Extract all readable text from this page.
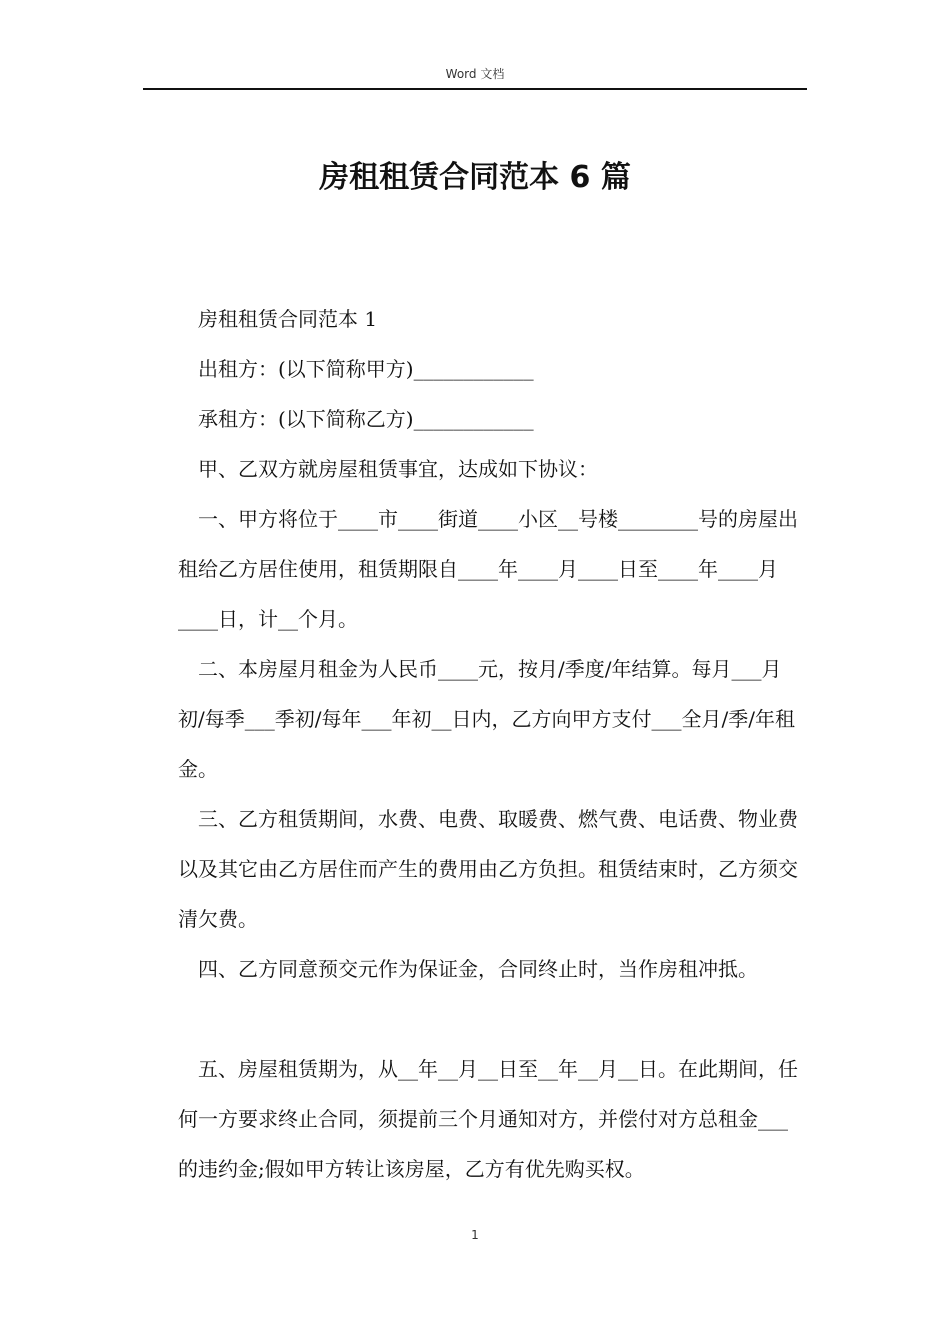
Word 文档
房租租赁合同范本 6 篇

房租租赁合同范本 1

出租方：(以下简称甲方)____________

承租方：(以下简称乙方)____________

甲、乙双方就房屋租赁事宜，达成如下协议：

一、甲方将位于____市____街道____小区__号楼________号的房屋出租给乙方居住使用，租赁期限自____年____月____日至____年____月____日，计__个月。

二、本房屋月租金为人民币____元，按月/季度/年结算。每月___月初/每季___季初/每年___年初__日内，乙方向甲方支付___全月/季/年租金。

三、乙方租赁期间，水费、电费、取暖费、燃气费、电话费、物业费以及其它由乙方居住而产生的费用由乙方负担。租赁结束时，乙方须交清欠费。

四、乙方同意预交元作为保证金，合同终止时，当作房租冲抵。

五、房屋租赁期为，从__年__月__日至__年__月__日。在此期间，任何一方要求终止合同，须提前三个月通知对方，并偿付对方总租金___的违约金;假如甲方转让该房屋，乙方有优先购买权。

1
